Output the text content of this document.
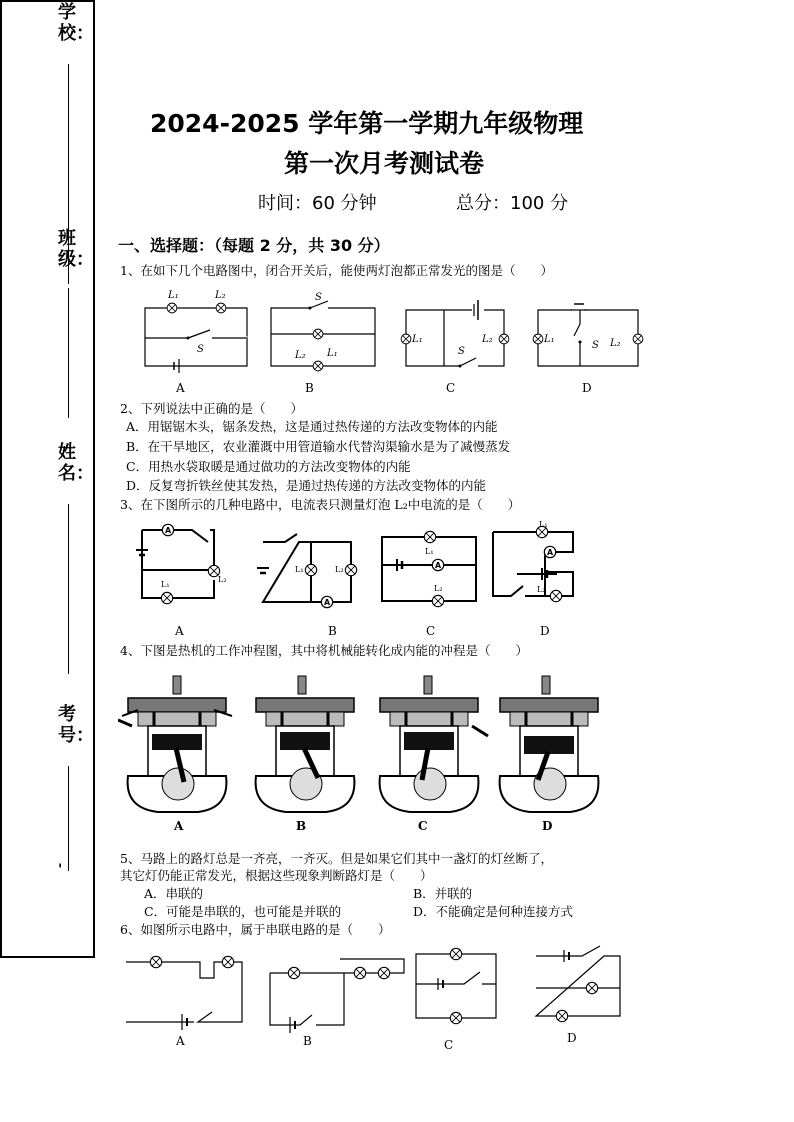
学校：
班级：
姓名：
考号：
'
2024-2025 学年第一学期九年级物理
第一次月考测试卷
时间：60 分钟	总分：100 分
一、选择题：（每题 2 分，共 30 分）
1、在如下几个电路图中，闭合开关后，能使两灯泡都正常发光的图是（　　）
L₁	L₂
S
A
S
L₂ L₁
B
L₁	L₂
S
C
L₁
S L₂
D
2、下列说法中正确的是（　　）
A．用锯锯木头，锯条发热，这是通过热传递的方法改变物体的内能
B．在干旱地区，农业灌溉中用管道输水代替沟渠输水是为了减慢蒸发
C．用热水袋取暖是通过做功的方法改变物体的内能
D．反复弯折铁丝使其发热，是通过热传递的方法改变物体的内能
3、在下图所示的几种电路中，电流表只测量灯泡 L₂中电流的是（　　）
L₂
L₁
A
L₁	L₂
B
L₁
L₂
C
L₁
L₂
D
4、下图是热机的工作冲程图，其中将机械能转化成内能的冲程是（　　）
A	B	C	D
5、马路上的路灯总是一齐亮，一齐灭。但是如果它们其中一盏灯的灯丝断了，
其它灯仍能正常发光，根据这些现象判断路灯是（　　）
A．串联的	B．并联的
C．可能是串联的，也可能是并联的	D．不能确定是何种连接方式
6、如图所示电路中，属于串联电路的是（　　）
A	B	C	D
